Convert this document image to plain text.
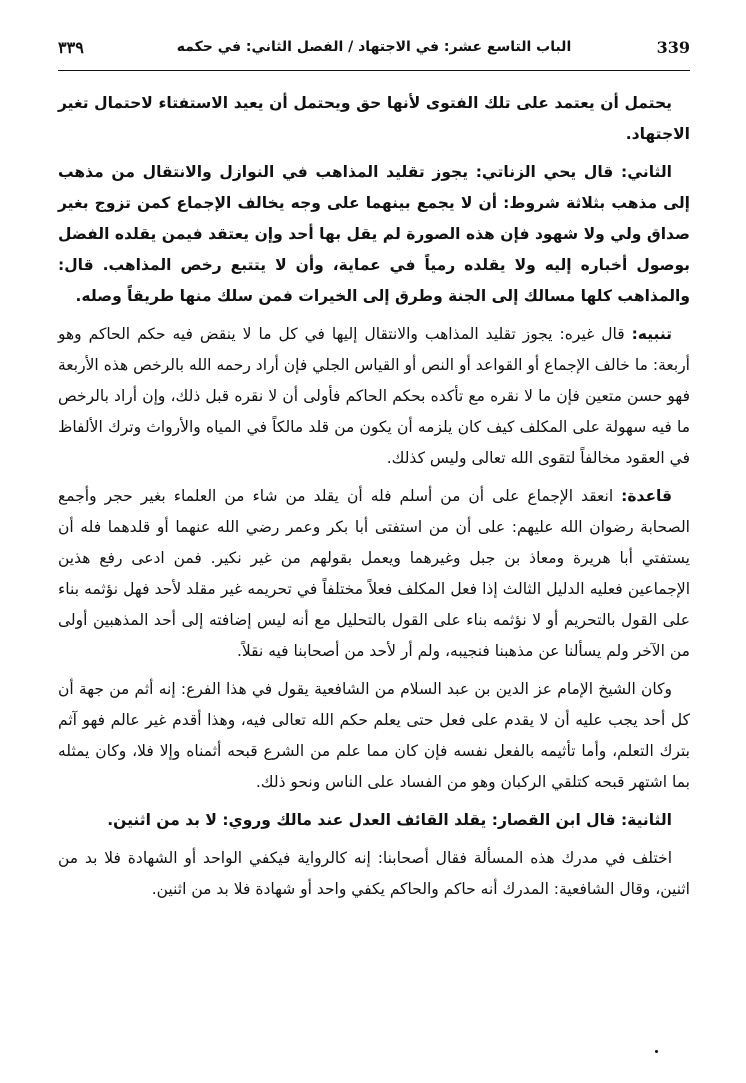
٣٣٩	الباب التاسع عشر: في الاجتهاد / الفصل الثاني: في حكمه	339

يحتمل أن يعتمد على تلك الفتوى لأنها حق ويحتمل أن يعيد الاستفتاء لاحتمال تغير الاجتهاد.

الثاني: قال يحي الزناتي: يجوز تقليد المذاهب في النوازل والانتقال من مذهب إلى مذهب بثلاثة شروط: أن لا يجمع بينهما على وجه يخالف الإجماع كمن تزوج بغير صداق ولي ولا شهود فإن هذه الصورة لم يقل بها أحد وإن يعتقد فيمن يقلده الفضل بوصول أخباره إليه ولا يقلده رمياً في عماية، وأن لا يتتبع رخص المذاهب. قال: والمذاهب كلها مسالك إلى الجنة وطرق إلى الخيرات فمن سلك منها طريقاً وصله.

تنبيه: قال غيره: يجوز تقليد المذاهب والانتقال إليها في كل ما لا ينقض فيه حكم الحاكم وهو أربعة: ما خالف الإجماع أو القواعد أو النص أو القياس الجلي فإن أراد رحمه الله بالرخص هذه الأربعة فهو حسن متعين فإن ما لا نقره مع تأكده بحكم الحاكم فأولى أن لا نقره قبل ذلك، وإن أراد بالرخص ما فيه سهولة على المكلف كيف كان يلزمه أن يكون من قلد مالكاً في المياه والأرواث وترك الألفاظ في العقود مخالفاً لتقوى الله تعالى وليس كذلك.

قاعدة: انعقد الإجماع على أن من أسلم فله أن يقلد من شاء من العلماء بغير حجر وأجمع الصحابة رضوان الله عليهم: على أن من استفتى أبا بكر وعمر رضي الله عنهما أو قلدهما فله أن يستفتي أبا هريرة ومعاذ بن جبل وغيرهما ويعمل بقولهم من غير نكير. فمن ادعى رفع هذين الإجماعين فعليه الدليل الثالث إذا فعل المكلف فعلاً مختلفاً في تحريمه غير مقلد لأحد فهل نؤثمه بناء على القول بالتحريم أو لا نؤثمه بناء على القول بالتحليل مع أنه ليس إضافته إلى أحد المذهبين أولى من الآخر ولم يسألنا عن مذهبنا فنجيبه، ولم أر لأحد من أصحابنا فيه نقلاً.

وكان الشيخ الإمام عز الدين بن عبد السلام من الشافعية يقول في هذا الفرع: إنه أثم من جهة أن كل أحد يجب عليه أن لا يقدم على فعل حتى يعلم حكم الله تعالى فيه، وهذا أقدم غير عالم فهو آثم بترك التعلم، وأما تأثيمه بالفعل نفسه فإن كان مما علم من الشرع قبحه أثمناه وإلا فلا، وكان يمثله بما اشتهر قبحه كتلقي الركبان وهو من الفساد على الناس ونحو ذلك.

الثانية: قال ابن القصار: يقلد القائف العدل عند مالك وروي: لا بد من اثنين.

اختلف في مدرك هذه المسألة فقال أصحابنا: إنه كالرواية فيكفي الواحد أو الشهادة فلا بد من اثنين، وقال الشافعية: المدرك أنه حاكم والحاكم يكفي واحد أو شهادة فلا بد من اثنين.
